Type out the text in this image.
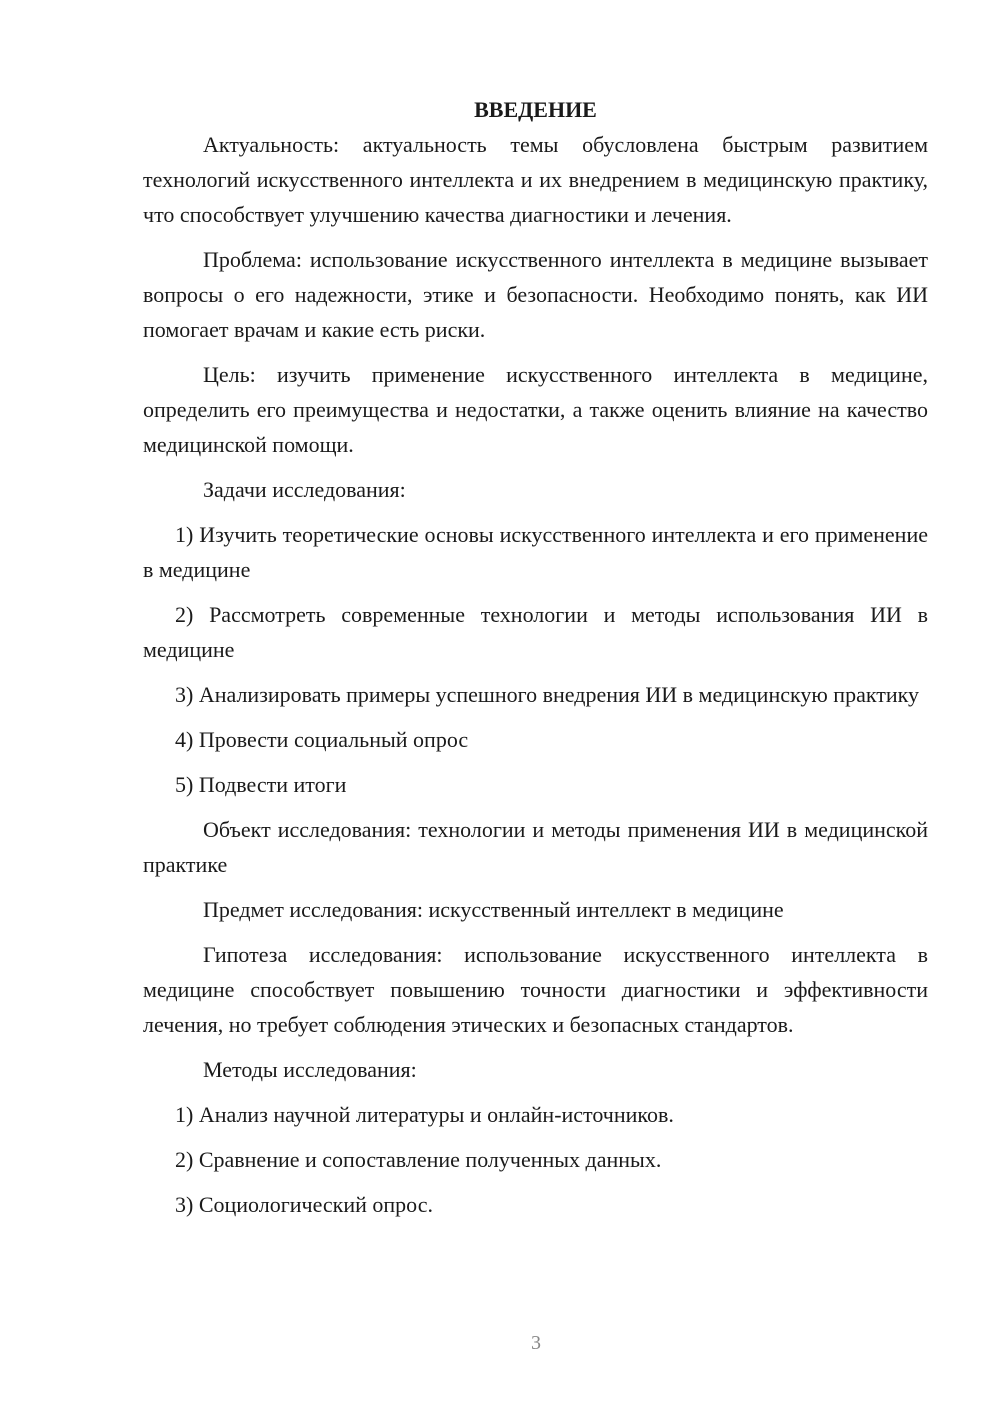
ВВЕДЕНИЕ

Актуальность: актуальность темы обусловлена быстрым развитием технологий искусственного интеллекта и их внедрением в медицинскую практику, что способствует улучшению качества диагностики и лечения.

Проблема: использование искусственного интеллекта в медицине вызывает вопросы о его надежности, этике и безопасности. Необходимо понять, как ИИ помогает врачам и какие есть риски.

Цель: изучить применение искусственного интеллекта в медицине, определить его преимущества и недостатки, а также оценить влияние на качество медицинской помощи.

Задачи исследования:

1) Изучить теоретические основы искусственного интеллекта и его применение в медицине

2) Рассмотреть современные технологии и методы использования ИИ в медицине

3) Анализировать примеры успешного внедрения ИИ в медицинскую практику

4) Провести социальный опрос

5) Подвести итоги

Объект исследования: технологии и методы применения ИИ в медицинской практике

Предмет исследования: искусственный интеллект в медицине

Гипотеза исследования: использование искусственного интеллекта в медицине способствует повышению точности диагностики и эффективности лечения, но требует соблюдения этических и безопасных стандартов.

Методы исследования:

1) Анализ научной литературы и онлайн-источников.

2) Сравнение и сопоставление полученных данных.

3) Социологический опрос.

3
